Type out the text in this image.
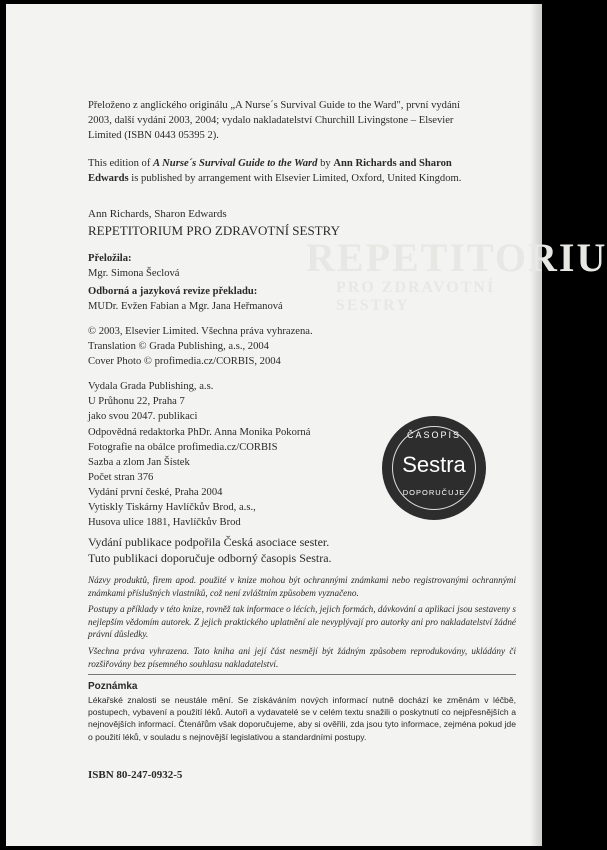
REPETITORIU
PRO ZDRAVOTNÍ SESTRY

Přeloženo z anglického originálu „A Nurse´s Survival Guide to the Ward", první vydání

2003, další vydání 2003, 2004; vydalo nakladatelství Churchill Livingstone – Elsevier

Limited (ISBN 0443 05395 2).

This edition of A Nurse´s Survival Guide to the Ward by Ann Richards and Sharon

Edwards is published by arrangement with Elsevier Limited, Oxford, United Kingdom.

Ann Richards, Sharon Edwards

REPETITORIUM PRO ZDRAVOTNÍ SESTRY

Přeložila:

Mgr. Simona Šeclová

Odborná a jazyková revize překladu:

MUDr. Evžen Fabian a Mgr. Jana Heřmanová

© 2003, Elsevier Limited. Všechna práva vyhrazena.

Translation © Grada Publishing, a.s., 2004

Cover Photo © profimedia.cz/CORBIS, 2004

Vydala Grada Publishing, a.s.

U Průhonu 22, Praha 7

jako svou 2047. publikaci

Odpovědná redaktorka PhDr. Anna Monika Pokorná

Fotografie na obálce profimedia.cz/CORBIS

Sazba a zlom Jan Šístek

Počet stran 376

Vydání první české, Praha 2004

Vytiskly Tiskárny Havlíčkův Brod, a.s.,

Husova ulice 1881, Havlíčkův Brod

ČASOPIS
Sestra
DOPORUČUJE

Vydání publikace podpořila Česká asociace sester.

Tuto publikaci doporučuje odborný časopis Sestra.

Názvy produktů, firem apod. použité v knize mohou být ochrannými známkami nebo registrovanými ochrannými známkami příslušných vlastníků, což není zvláštním způsobem vyznačeno.

Postupy a příklady v této knize, rovněž tak informace o lécích, jejich formách, dávkování a aplikaci jsou sestaveny s nejlepším vědomím autorek. Z jejich praktického uplatnění ale nevyplývají pro autorky ani pro nakladatelství žádné právní důsledky.

Všechna práva vyhrazena. Tato kniha ani její část nesmějí být žádným způsobem reprodukovány, ukládány či rozšiřovány bez písemného souhlasu nakladatelství.

Poznámka

Lékařské znalosti se neustále mění. Se získáváním nových informací nutně dochází ke změnám v léčbě, postupech, vybavení a použití léků. Autoři a vydavatelé se v celém textu snažili o poskytnutí co nejpřesnějších a nejnovějších informací. Čtenářům však doporučujeme, aby si ověřili, zda jsou tyto informace, zejména pokud jde o použití léků, v souladu s nejnovější legislativou a standardními postupy.

ISBN 80-247-0932-5
